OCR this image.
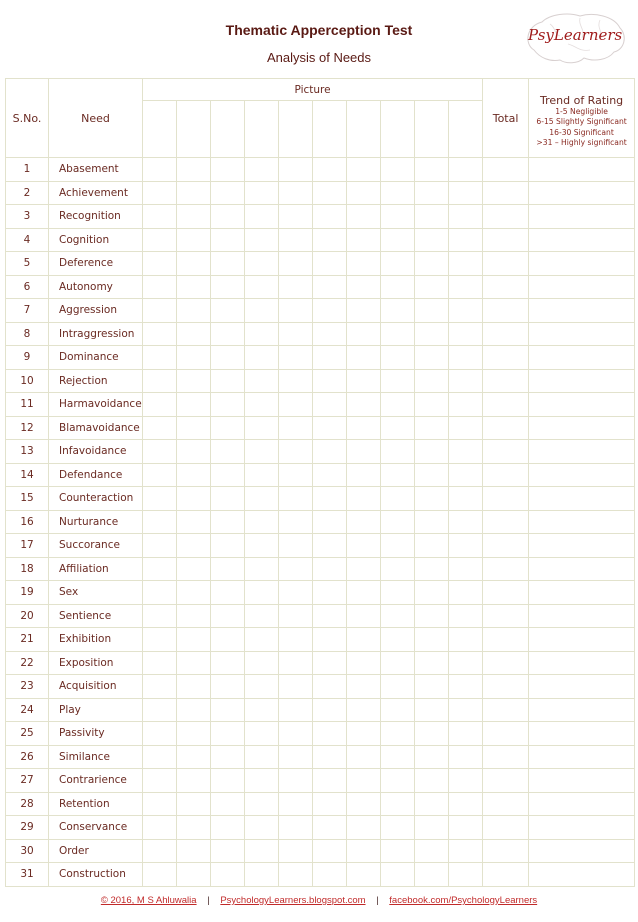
Thematic Apperception Test
Analysis of Needs
PsyLearners
S.No.	Need	Picture										Total	Trend of Rating
1-5 Negligible
6-15 Slightly Significant
16-30 Significant
>31 – Highly significant

1	Abasement												
2	Achievement												
3	Recognition												
4	Cognition												
5	Deference												
6	Autonomy												
7	Aggression												
8	Intraggression												
9	Dominance												
10	Rejection												
11	Harmavoidance												
12	Blamavoidance												
13	Infavoidance												
14	Defendance												
15	Counteraction												
16	Nurturance												
17	Succorance												
18	Affiliation												
19	Sex												
20	Sentience												
21	Exhibition												
22	Exposition												
23	Acquisition												
24	Play												
25	Passivity												
26	Similance												
27	Contrarience												
28	Retention												
29	Conservance												
30	Order												
31	Construction												
© 2016, M S Ahluwalia | PsychologyLearners.blogspot.com | facebook.com/PsychologyLearners
